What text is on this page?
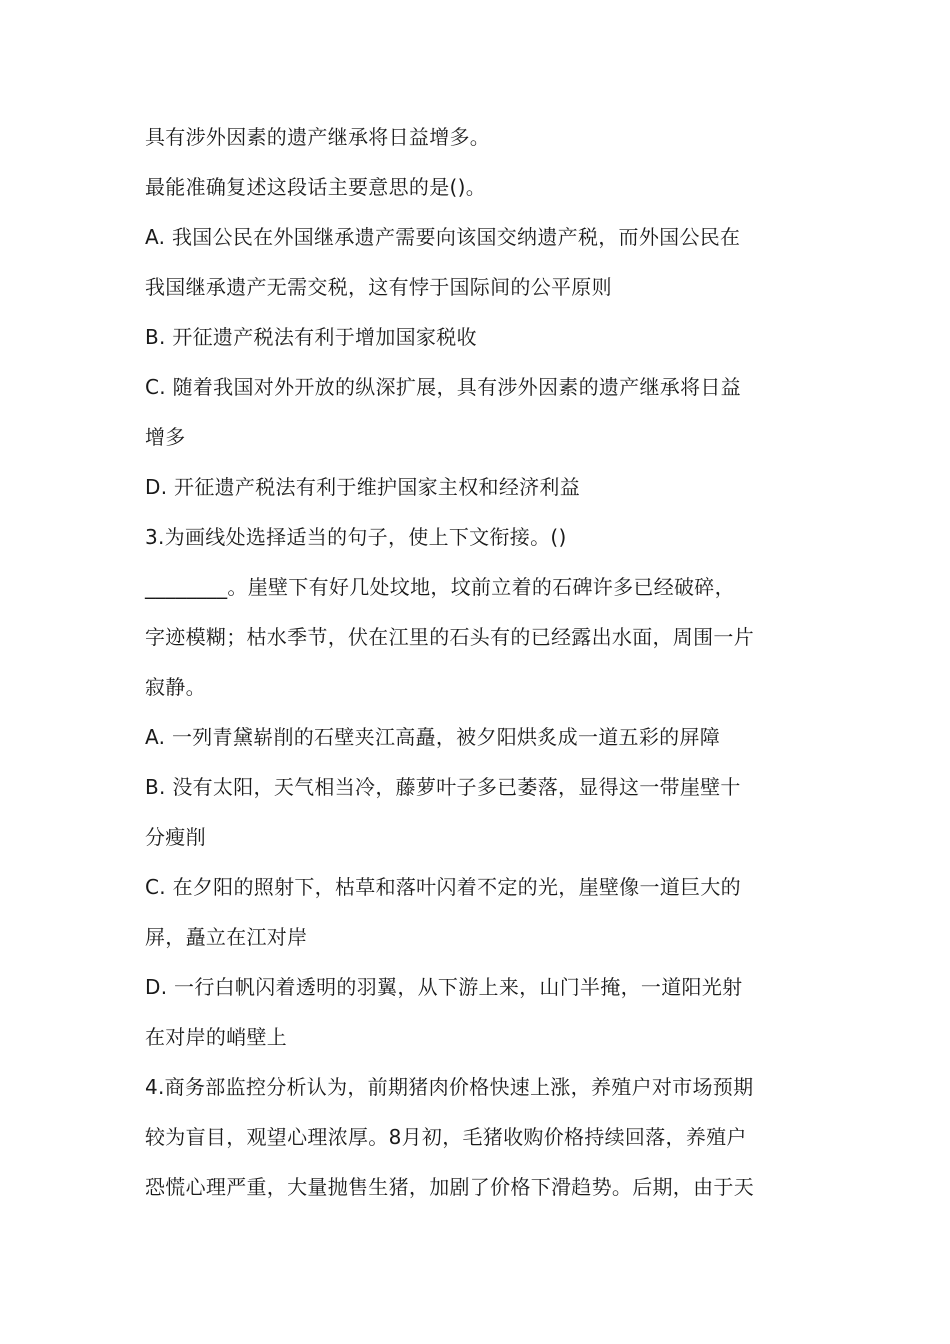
具有涉外因素的遗产继承将日益增多。
最能准确复述这段话主要意思的是()。
A. 我国公民在外国继承遗产需要向该国交纳遗产税，而外国公民在
我国继承遗产无需交税，这有悖于国际间的公平原则
B. 开征遗产税法有利于增加国家税收
C. 随着我国对外开放的纵深扩展，具有涉外因素的遗产继承将日益
增多
D. 开征遗产税法有利于维护国家主权和经济利益
3.为画线处选择适当的句子，使上下文衔接。()
________。崖壁下有好几处坟地，坟前立着的石碑许多已经破碎，
字迹模糊；枯水季节，伏在江里的石头有的已经露出水面，周围一片
寂静。
A. 一列青黛崭削的石壁夹江高矗，被夕阳烘炙成一道五彩的屏障
B. 没有太阳，天气相当冷，藤萝叶子多已萎落，显得这一带崖壁十
分瘦削
C. 在夕阳的照射下，枯草和落叶闪着不定的光，崖壁像一道巨大的
屏，矗立在江对岸
D. 一行白帆闪着透明的羽翼，从下游上来，山门半掩，一道阳光射
在对岸的峭壁上
4.商务部监控分析认为，前期猪肉价格快速上涨，养殖户对市场预期
较为盲目，观望心理浓厚。8月初，毛猪收购价格持续回落，养殖户
恐慌心理严重，大量抛售生猪，加剧了价格下滑趋势。后期，由于天
